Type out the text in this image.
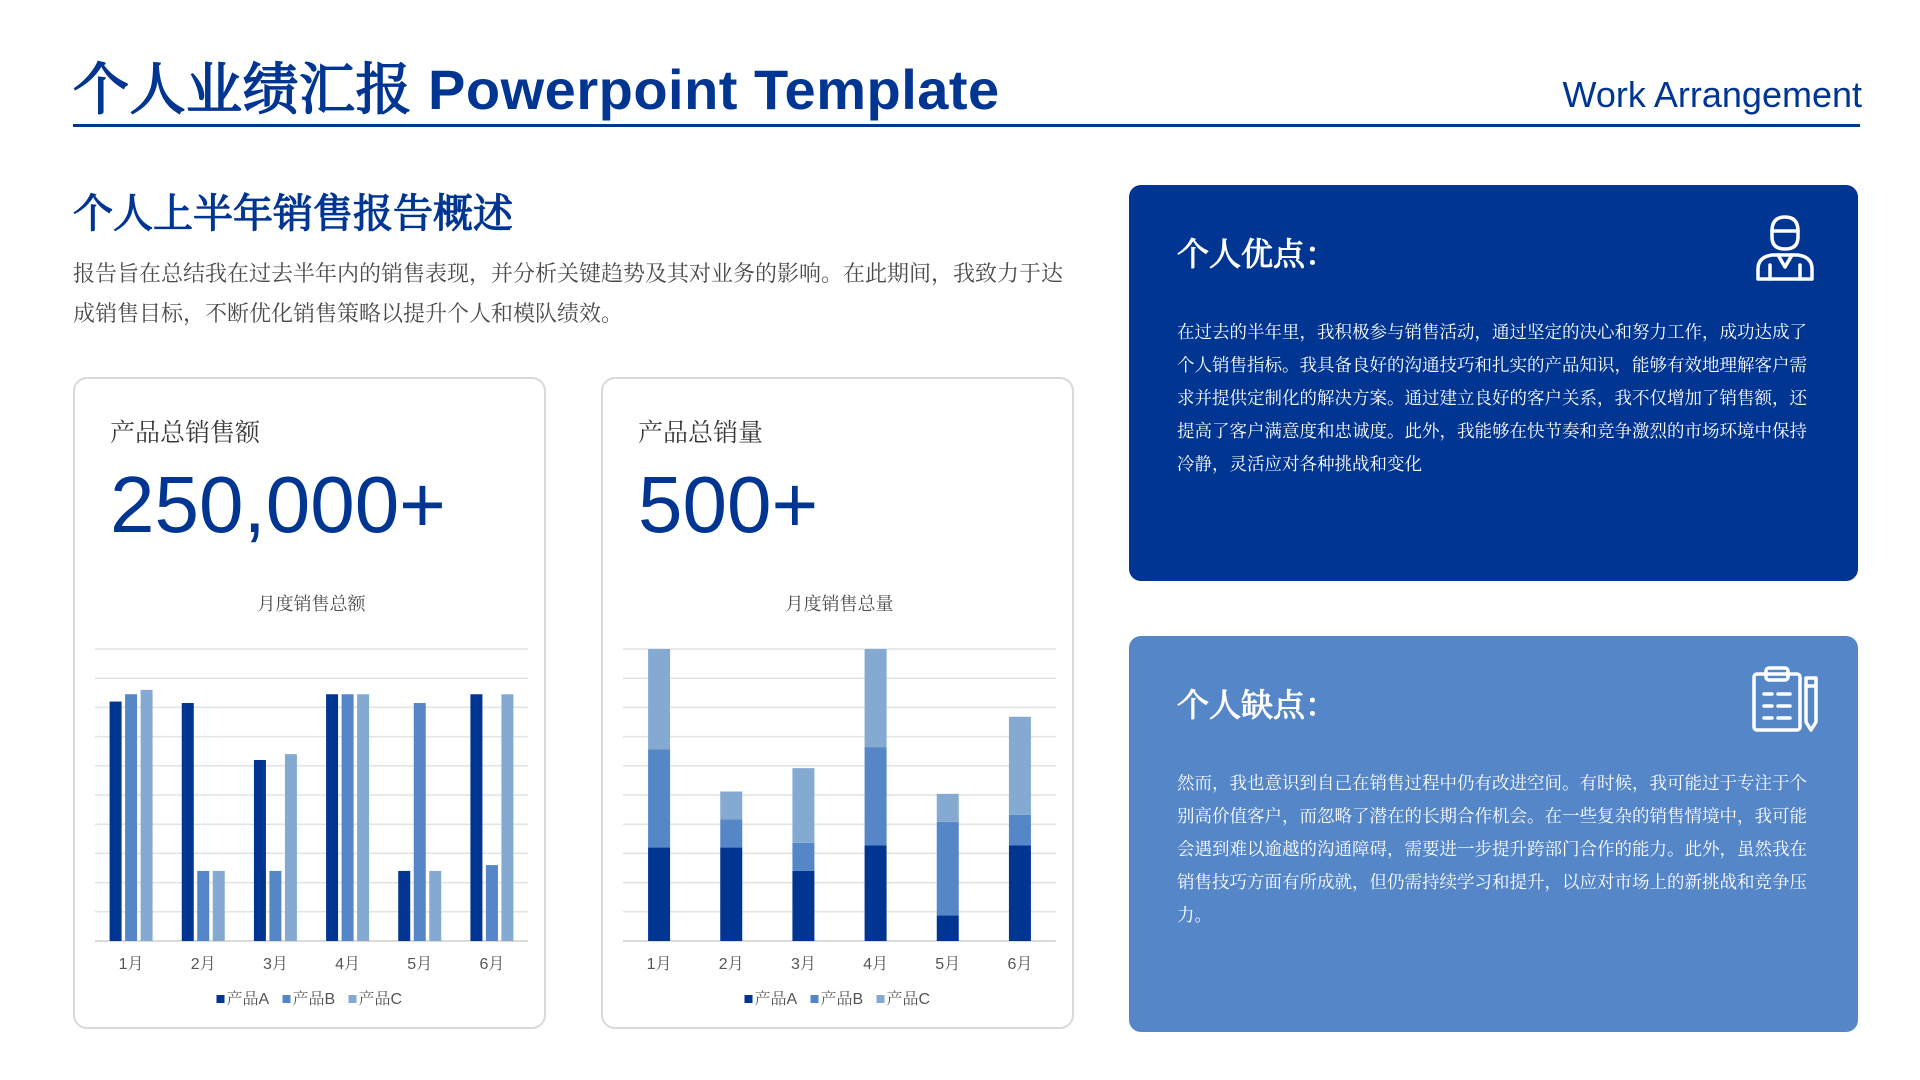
个人业绩汇报 Powerpoint Template	Work Arrangement
个人上半年销售报告概述
报告旨在总结我在过去半年内的销售表现，并分析关键趋势及其对业务的影响。在此期间，我致力于达成销售目标，不断优化销售策略以提升个人和模队绩效。
产品总销售额
250,000+
月度销售总额
1月	2月	3月	4月	5月	6月
产品A 产品B 产品C
产品总销量
500+
月度销售总量
1月	2月	3月	4月	5月	6月
产品A 产品B 产品C
个人优点：
在过去的半年里，我积极参与销售活动，通过坚定的决心和努力工作，成功达成了个人销售指标。我具备良好的沟通技巧和扎实的产品知识，能够有效地理解客户需求并提供定制化的解决方案。通过建立良好的客户关系，我不仅增加了销售额，还提高了客户满意度和忠诚度。此外，我能够在快节奏和竞争激烈的市场环境中保持冷静，灵活应对各种挑战和变化
个人缺点：
然而，我也意识到自己在销售过程中仍有改进空间。有时候，我可能过于专注于个别高价值客户，而忽略了潜在的长期合作机会。在一些复杂的销售情境中，我可能会遇到难以逾越的沟通障碍，需要进一步提升跨部门合作的能力。此外，虽然我在销售技巧方面有所成就，但仍需持续学习和提升，以应对市场上的新挑战和竞争压力。
